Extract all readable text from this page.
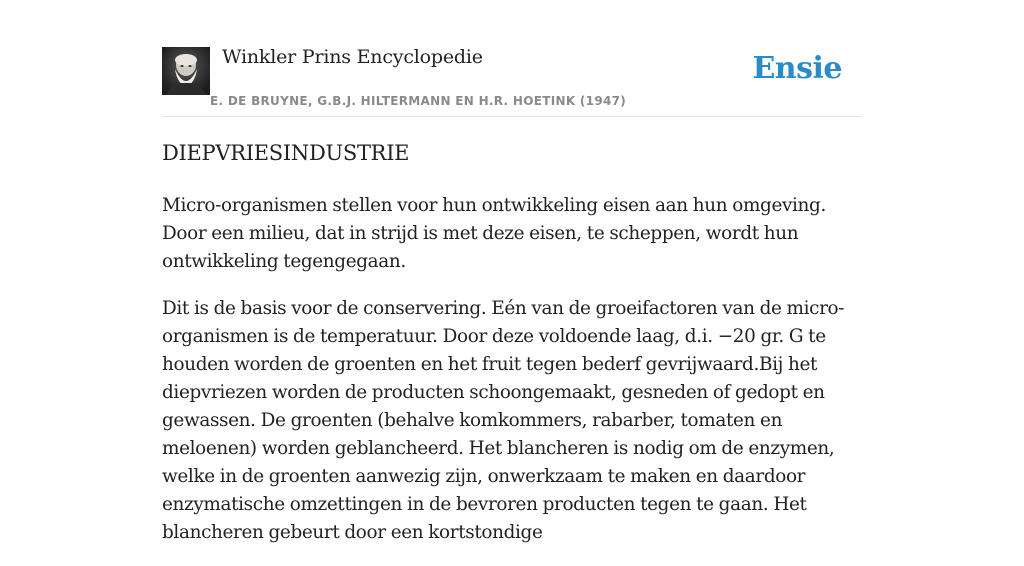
Winkler Prins Encyclopedie
E. DE BRUYNE, G.B.J. HILTERMANN EN H.R. HOETINK (1947)
Ensie
DIEPVRIESINDUSTRIE

Micro-organismen stellen voor hun ontwikkeling eisen aan hun omgeving. Door een milieu, dat in strijd is met deze eisen, te scheppen, wordt hun ontwikkeling tegengegaan.

Dit is de basis voor de conservering. Eén van de groeifactoren van de micro-organismen is de temperatuur. Door deze voldoende laag, d.i. −20 gr. G te houden worden de groenten en het fruit tegen bederf gevrijwaard.Bij het diepvriezen worden de producten schoongemaakt, gesneden of gedopt en gewassen. De groenten (behalve komkommers, rabarber, tomaten en meloenen) worden geblancheerd. Het blancheren is nodig om de enzymen, welke in de groenten aanwezig zijn, onwerkzaam te maken en daardoor enzymatische omzettingen in de bevroren producten tegen te gaan. Het blancheren gebeurt door een kortstondige
